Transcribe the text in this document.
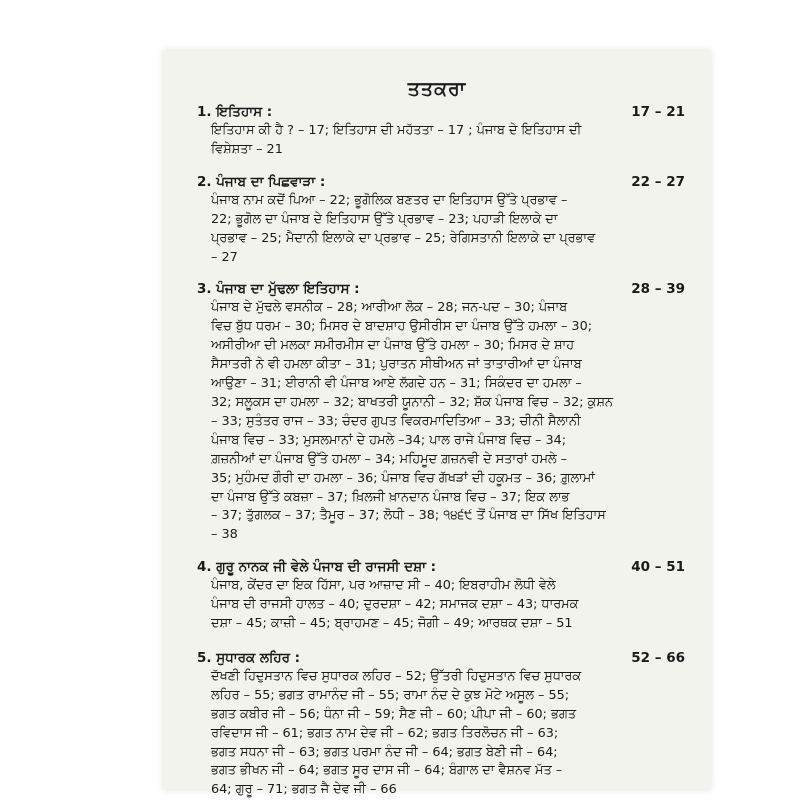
ਤਤਕਰਾ
1. ਇਤਿਹਾਸ :	17 – 21
ਇਤਿਹਾਸ ਕੀ ਹੈ ? – 17; ਇਤਿਹਾਸ ਦੀ ਮਹੱਤਤਾ – 17 ; ਪੰਜਾਬ ਦੇ ਇਤਿਹਾਸ ਦੀ
ਵਿਸ਼ੇਸ਼ਤਾ – 21
2. ਪੰਜਾਬ ਦਾ ਪਿਛਵਾੜਾ :	22 – 27
ਪੰਜਾਬ ਨਾਮ ਕਦੋਂ ਪਿਆ – 22; ਭੂਗੋਲਿਕ ਬਣਤਰ ਦਾ ਇਤਿਹਾਸ ਉੱਤੇ ਪ੍ਰਭਾਵ –
22; ਭੂਗੋਲ ਦਾ ਪੰਜਾਬ ਦੇ ਇਤਿਹਾਸ ਉੱਤੇ ਪ੍ਰਭਾਵ – 23; ਪਹਾੜੀ ਇਲਾਕੇ ਦਾ
ਪ੍ਰਭਾਵ – 25; ਮੈਦਾਨੀ ਇਲਾਕੇ ਦਾ ਪ੍ਰਭਾਵ – 25; ਰੇਗਿਸਤਾਨੀ ਇਲਾਕੇ ਦਾ ਪ੍ਰਭਾਵ
– 27
3. ਪੰਜਾਬ ਦਾ ਮੁੱਢਲਾ ਇਤਿਹਾਸ :	28 – 39
ਪੰਜਾਬ ਦੇ ਮੁੱਢਲੇ ਵਸਨੀਕ – 28; ਆਰੀਆ ਲੋਕ – 28; ਜਨ-ਪਦ – 30; ਪੰਜਾਬ
ਵਿਚ ਬੁੱਧ ਧਰਮ – 30; ਮਿਸਰ ਦੇ ਬਾਦਸ਼ਾਹ ਉਸੀਰੀਸ ਦਾ ਪੰਜਾਬ ਉੱਤੇ ਹਮਲਾ – 30;
ਅਸੀਰੀਆ ਦੀ ਮਲਕਾ ਸਮੀਰਮੀਸ ਦਾ ਪੰਜਾਬ ਉੱਤੇ ਹਮਲਾ – 30; ਮਿਸਰ ਦੇ ਸ਼ਾਹ
ਸੈਸਾਤਰੀ ਨੇ ਵੀ ਹਮਲਾ ਕੀਤਾ – 31; ਪੁਰਾਤਨ ਸੀਥੀਅਨ ਜਾਂ ਤਾਤਾਰੀਆਂ ਦਾ ਪੰਜਾਬ
ਆਉਣਾ – 31; ਈਰਾਨੀ ਵੀ ਪੰਜਾਬ ਆਏ ਲੱਗਦੇ ਹਨ – 31; ਸਿਕੰਦਰ ਦਾ ਹਮਲਾ –
32; ਸਲੂਕਸ ਦਾ ਹਮਲਾ – 32; ਬਾਖਤਰੀ ਯੂਨਾਨੀ – 32; ਸ਼ੱਕ ਪੰਜਾਬ ਵਿਚ – 32; ਕੁਸ਼ਨ
– 33; ਸੁਤੰਤਰ ਰਾਜ – 33; ਚੰਦਰ ਗੁਪਤ ਵਿਕਰਮਾਦਿਤਿਆ – 33; ਚੀਨੀ ਸੈਲਾਨੀ
ਪੰਜਾਬ ਵਿਚ – 33; ਮੁਸਲਮਾਨਾਂ ਦੇ ਹਮਲੇ –34; ਪਾਲ ਰਾਜੇ ਪੰਜਾਬ ਵਿਚ – 34;
ਗ਼ਜ਼ਨੀਆਂ ਦਾ ਪੰਜਾਬ ਉੱਤੇ ਹਮਲਾ – 34; ਮਹਿਮੂਦ ਗ਼ਜ਼ਨਵੀ ਦੇ ਸਤਾਰਾਂ ਹਮਲੇ –
35; ਮੁਹੰਮਦ ਗੌਰੀ ਦਾ ਹਮਲਾ – 36; ਪੰਜਾਬ ਵਿਚ ਗੱਖੜਾਂ ਦੀ ਹਕੂਮਤ – 36; ਗ਼ੁਲਾਮਾਂ
ਦਾ ਪੰਜਾਬ ਉੱਤੇ ਕਬਜ਼ਾ – 37; ਖ਼ਿਲਜੀ ਖ਼ਾਨਦਾਨ ਪੰਜਾਬ ਵਿਚ – 37; ਇਕ ਲਾਭ
– 37; ਤੁੱਗਲਕ – 37; ਤੈਮੂਰ – 37; ਲੋਧੀ – 38; ੧੪੬੯ ਤੋਂ ਪੰਜਾਬ ਦਾ ਸਿੱਖ ਇਤਿਹਾਸ
– 38
4. ਗੁਰੂ ਨਾਨਕ ਜੀ ਵੇਲੇ ਪੰਜਾਬ ਦੀ ਰਾਜਸੀ ਦਸ਼ਾ :	40 – 51
ਪੰਜਾਬ, ਕੇਂਦਰ ਦਾ ਇਕ ਹਿੱਸਾ, ਪਰ ਆਜ਼ਾਦ ਸੀ – 40; ਇਬਰਾਹੀਮ ਲੋਧੀ ਵੇਲੇ
ਪੰਜਾਬ ਦੀ ਰਾਜਸੀ ਹਾਲਤ – 40; ਦੁਰਦਸ਼ਾ – 42; ਸਮਾਜਕ ਦਸ਼ਾ – 43; ਧਾਰਮਕ
ਦਸ਼ਾ – 45; ਕਾਜ਼ੀ – 45; ਬ੍ਰਾਹਮਣ – 45; ਜੋਗੀ – 49; ਆਰਥਕ ਦਸ਼ਾ – 51
5. ਸੁਧਾਰਕ ਲਹਿਰ :	52 – 66
ਦੱਖਣੀ ਹਿਦੁਸਤਾਨ ਵਿਚ ਸੁਧਾਰਕ ਲਹਿਰ – 52; ਉੱਤਰੀ ਹਿਦੁਸਤਾਨ ਵਿਚ ਸੁਧਾਰਕ
ਲਹਿਰ – 55; ਭਗਤ ਰਾਮਾਨੰਦ ਜੀ – 55; ਰਾਮਾ ਨੰਦ ਦੇ ਕੁਝ ਮੋਟੇ ਅਸੂਲ – 55;
ਭਗਤ ਕਬੀਰ ਜੀ – 56; ਧੰਨਾ ਜੀ – 59; ਸੈਣ ਜੀ – 60; ਪੀਪਾ ਜੀ – 60; ਭਗਤ
ਰਵਿਦਾਸ ਜੀ – 61; ਭਗਤ ਨਾਮ ਦੇਵ ਜੀ – 62; ਭਗਤ ਤਿਰਲੋਚਨ ਜੀ – 63;
ਭਗਤ ਸਧਨਾ ਜੀ – 63; ਭਗਤ ਪਰਮਾ ਨੰਦ ਜੀ – 64; ਭਗਤ ਬੇਣੀ ਜੀ – 64;
ਭਗਤ ਭੀਖਨ ਜੀ – 64; ਭਗਤ ਸੂਰ ਦਾਸ ਜੀ – 64; ਬੰਗਾਲ ਦਾ ਵੈਸ਼ਨਵ ਮੱਤ –
64; ਗੁਰੂ – 71; ਭਗਤ ਜੈ ਦੇਵ ਜੀ – 66
